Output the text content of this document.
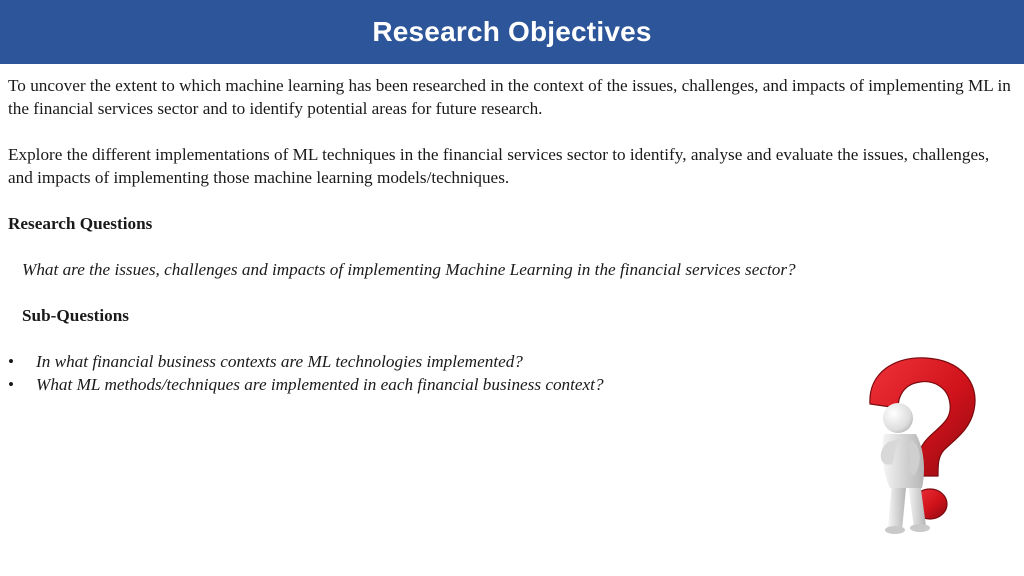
Research Objectives

To uncover the extent to which machine learning has been researched in the context of the issues, challenges, and impacts of implementing ML in the financial services sector and to identify potential areas for future research.

Explore the different implementations of ML techniques in the financial services sector to identify, analyse and evaluate the issues, challenges, and impacts of implementing those machine learning models/techniques.

Research Questions

What are the issues, challenges and impacts of implementing Machine Learning in the financial services sector?

Sub-Questions

• In what financial business contexts are ML technologies implemented?
• What ML methods/techniques are implemented in each financial business context?
